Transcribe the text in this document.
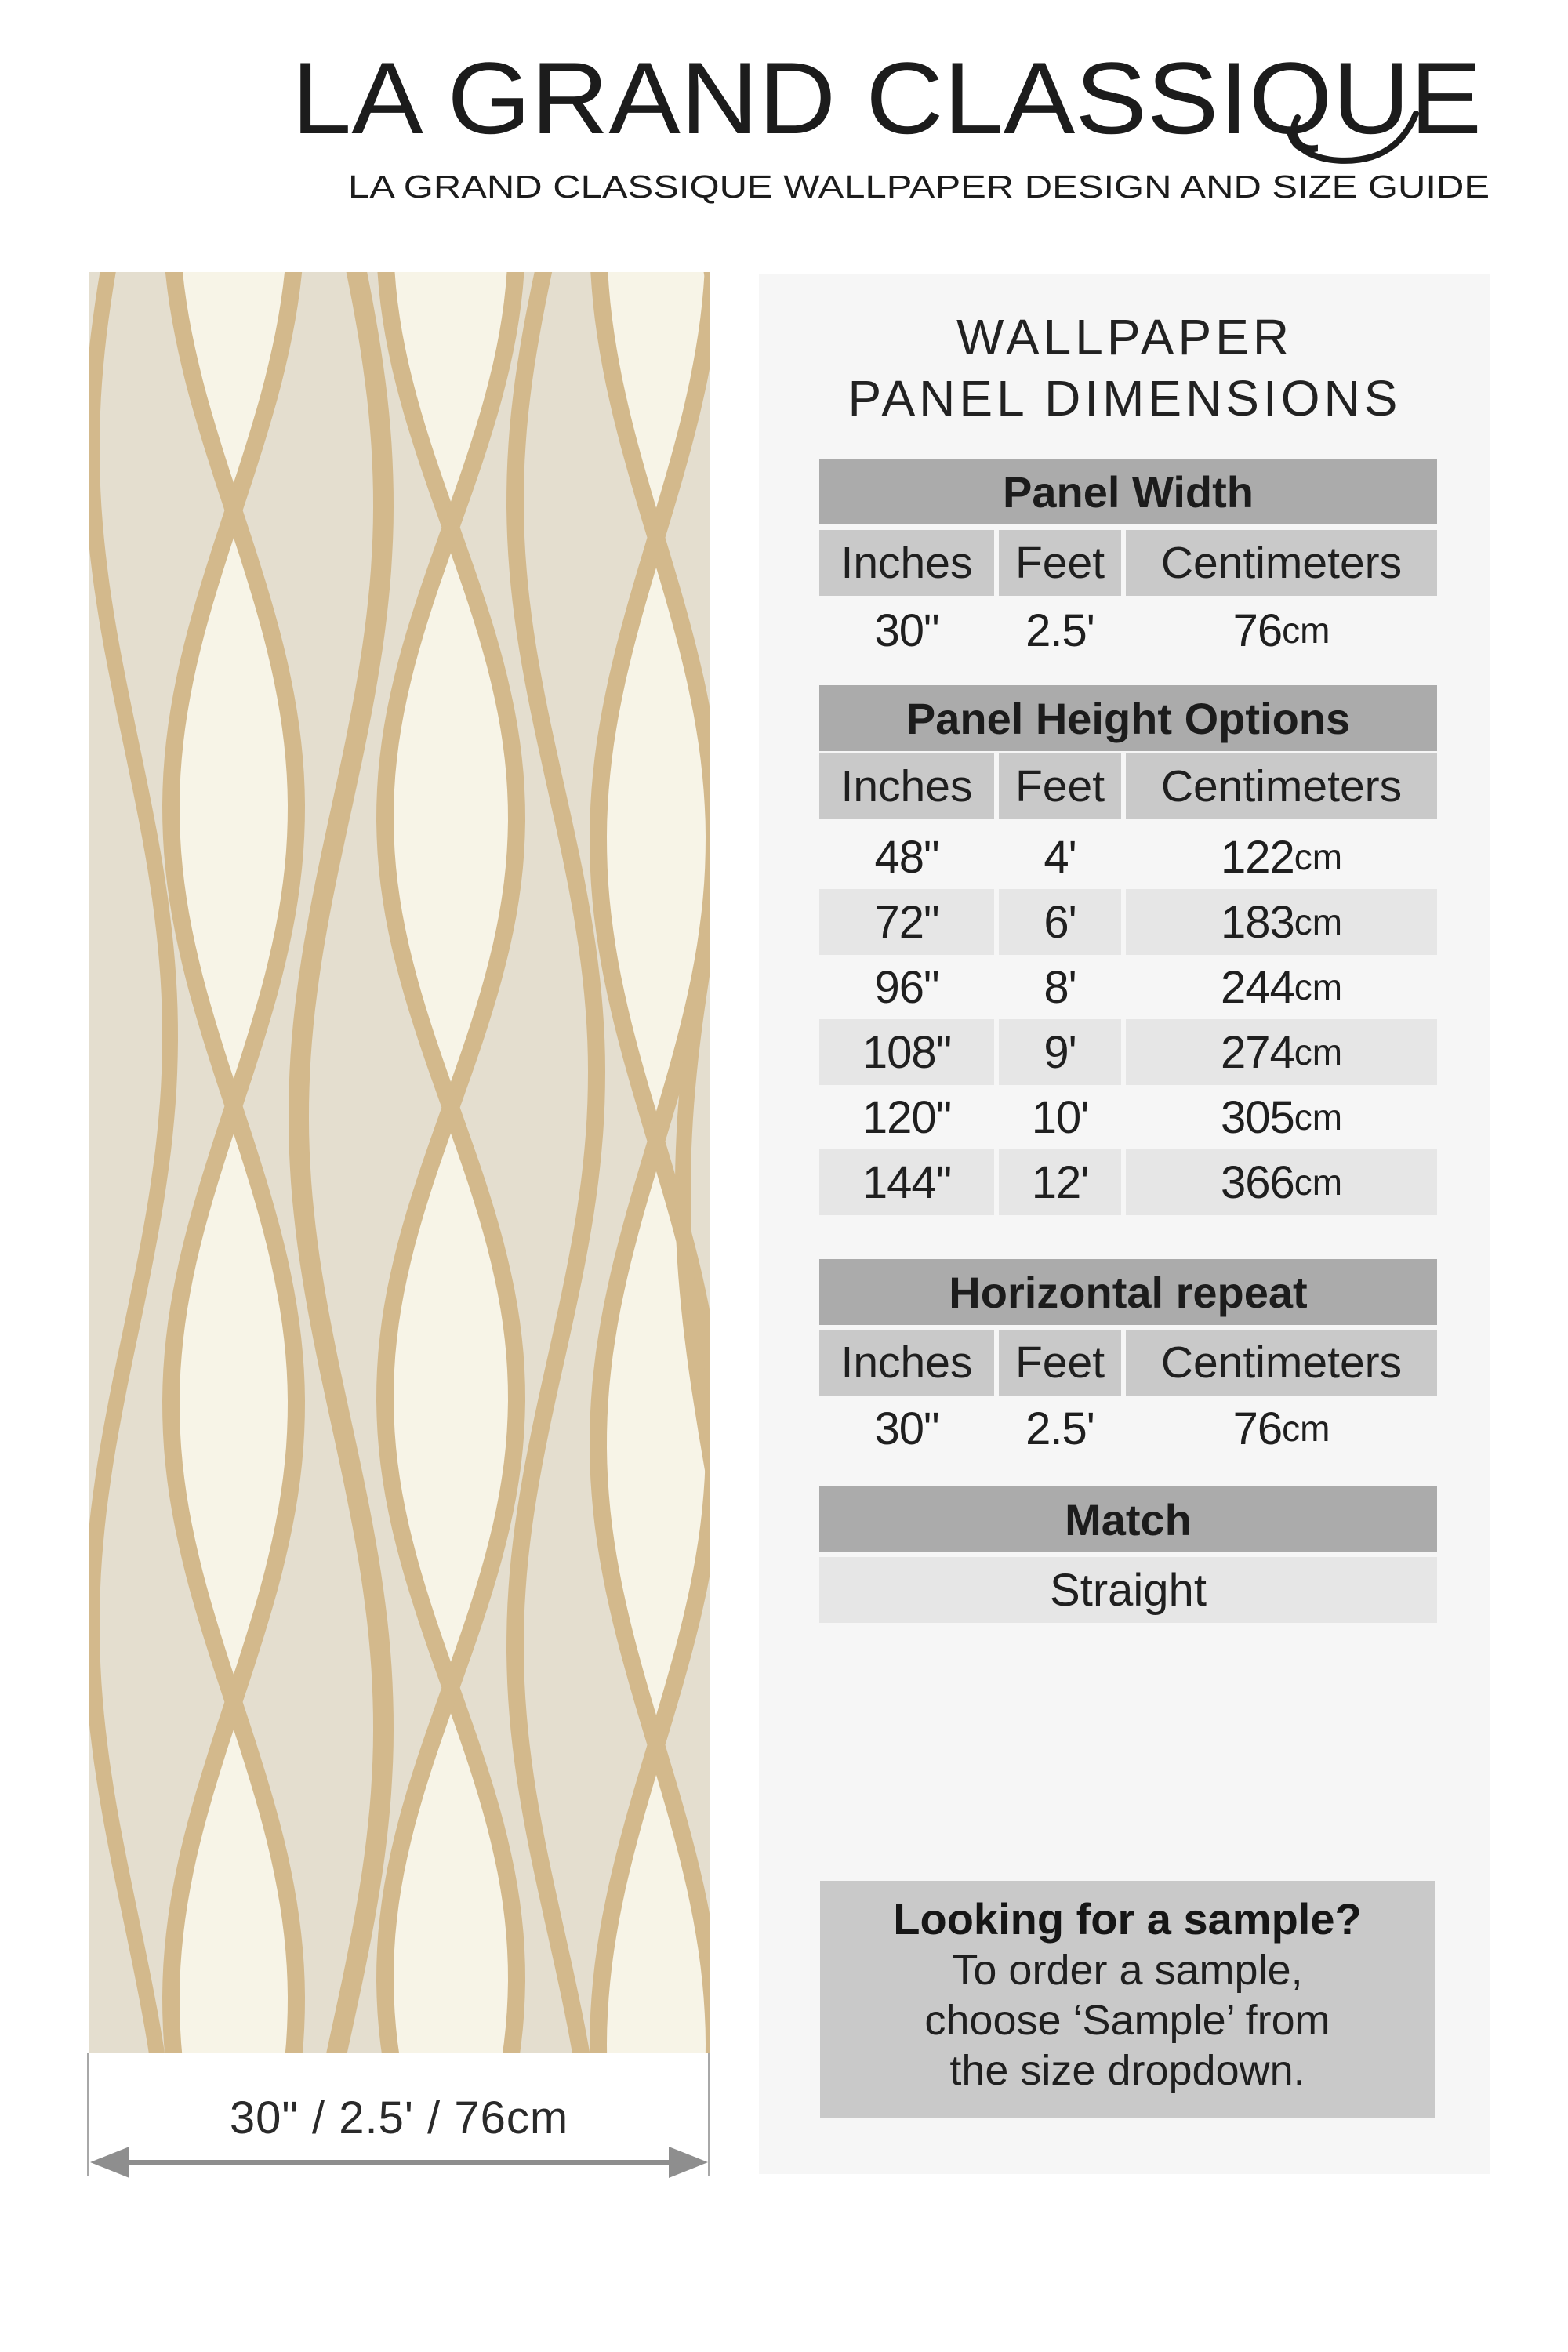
LA GRAND CLASSIQUE
LA GRAND CLASSIQUE WALLPAPER DESIGN AND SIZE GUIDE
30" / 2.5' / 76cm
WALLPAPER
PANEL DIMENSIONS
Panel Width
Inches Feet	Centimeters
30"	2.5'	76 cm
Panel Height Options
Inches Feet	Centimeters
48"	4'	122 cm
72"	6'	183 cm
96"	8'	244 cm
108"	9'	274 cm
120"	10'	305 cm
144"	12'	366 cm
Horizontal repeat
Inches Feet	Centimeters
30"	2.5'	76 cm
Match
Straight
Looking for a sample?
To order a sample,
choose ‘Sample’ from
the size dropdown.
